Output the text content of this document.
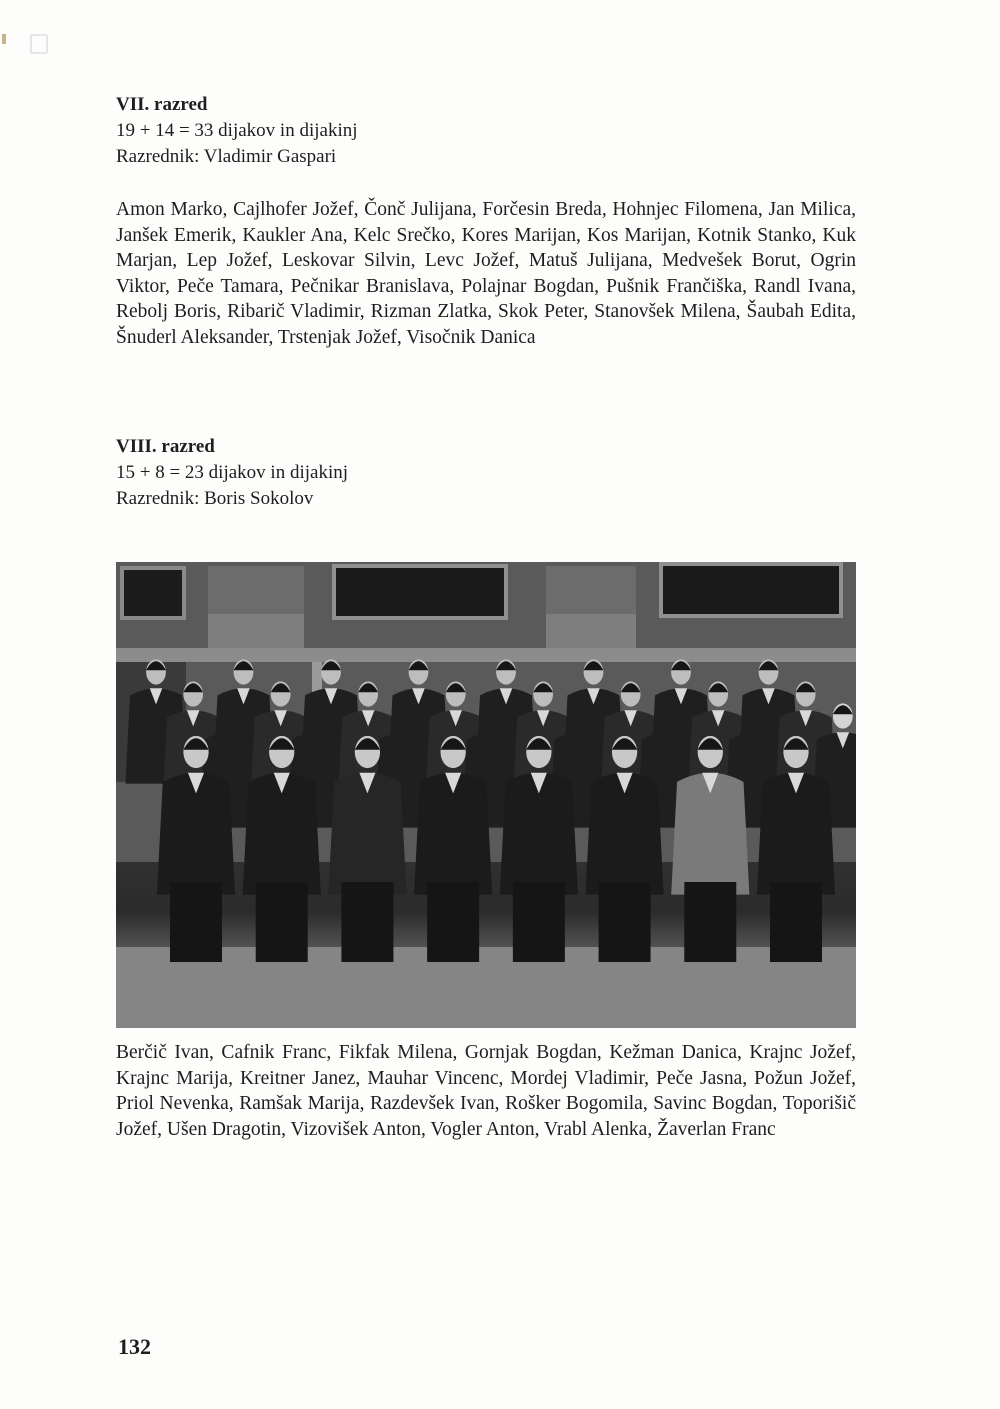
VII. razred
19 + 14 = 33 dijakov in dijakinj
Razrednik: Vladimir Gaspari
Amon Marko, Cajlhofer Jožef, Čonč Julijana, Forčesin Breda, Hohnjec Filomena, Jan Milica, Janšek Emerik, Kaukler Ana, Kelc Srečko, Kores Marijan, Kos Marijan, Kotnik Stanko, Kuk Marjan, Lep Jožef, Leskovar Silvin, Levc Jožef, Matuš Julijana, Medvešek Borut, Ogrin Viktor, Peče Tamara, Pečnikar Branislava, Polajnar Bogdan, Pušnik Frančiška, Randl Ivana, Rebolj Boris, Ribarič Vladimir, Rizman Zlatka, Skok Peter, Stanovšek Milena, Šaubah Edita, Šnuderl Aleksander, Trstenjak Jožef, Visočnik Danica
VIII. razred
15 + 8 = 23 dijakov in dijakinj
Razrednik: Boris Sokolov
Berčič Ivan, Cafnik Franc, Fikfak Milena, Gornjak Bogdan, Kežman Danica, Krajnc Jožef, Krajnc Marija, Kreitner Janez, Mauhar Vincenc, Mordej Vladimir, Peče Jasna, Požun Jožef, Priol Nevenka, Ramšak Marija, Razdevšek Ivan, Rošker Bogomila, Savinc Bogdan, Toporišič Jožef, Ušen Dragotin, Vizovišek Anton, Vogler Anton, Vrabl Alenka, Žaverlan Franc
132
